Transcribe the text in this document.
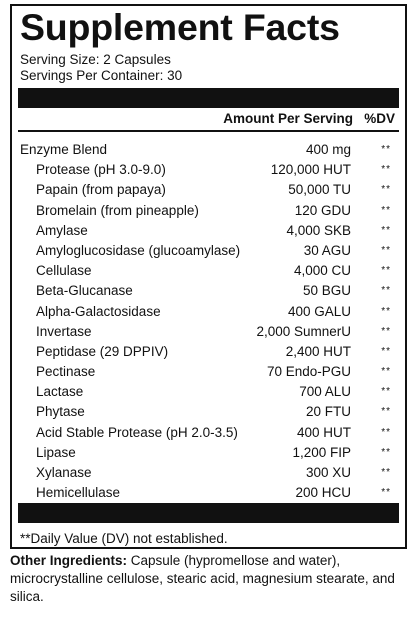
Supplement Facts
Serving Size: 2 Capsules
Servings Per Container: 30
Amount Per Serving %DV
Enzyme Blend	400 mg	**
Protease (pH 3.0-9.0)	120,000 HUT	**
Papain (from papaya)	50,000 TU	**
Bromelain (from pineapple)	120 GDU	**
Amylase	4,000 SKB	**
Amyloglucosidase (glucoamylase)	30 AGU	**
Cellulase	4,000 CU	**
Beta-Glucanase	50 BGU	**
Alpha-Galactosidase	400 GALU	**
Invertase	2,000 SumnerU	**
Peptidase (29 DPPIV)	2,400 HUT	**
Pectinase	70 Endo-PGU	**
Lactase	700 ALU	**
Phytase	20 FTU	**
Acid Stable Protease (pH 2.0-3.5)	400 HUT	**
Lipase	1,200 FIP	**
Xylanase	300 XU	**
Hemicellulase	200 HCU	**
**Daily Value (DV) not established.
Other Ingredients: Capsule (hypromellose and water), microcrystalline cellulose, stearic acid, magnesium stearate, and silica.
